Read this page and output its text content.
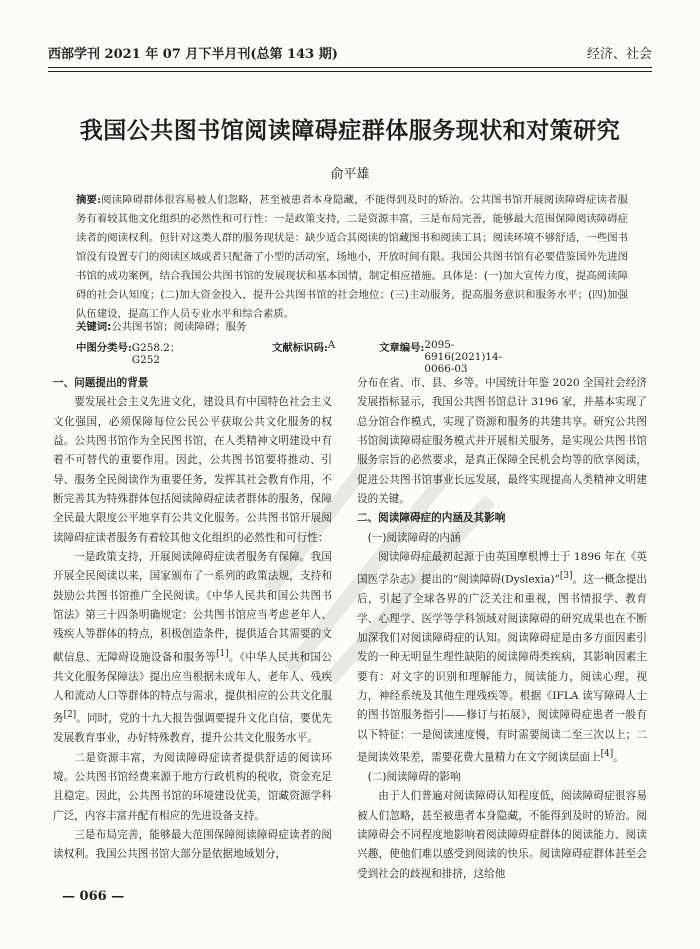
西部学刊 2021 年 07 月下半月刊(总第 143 期)	经济、社会
我国公共图书馆阅读障碍症群体服务现状和对策研究
俞平雄
摘要:阅读障碍群体很容易被人们忽略，甚至被患者本身隐藏，不能得到及时的矫治。公共图书馆开展阅读障碍症读者服务有着较其他文化组织的必然性和可行性：一是政策支持，二是资源丰富，三是布局完善，能够最大范围保障阅读障碍症读者的阅读权利。但针对这类人群的服务现状是：缺少适合其阅读的馆藏图书和阅读工具；阅读环境不够舒适，一些图书馆没有设置专门的阅读区域或者只配备了小型的活动室，场地小，开放时间有限。我国公共图书馆有必要借鉴国外先进图书馆的成功案例，结合我国公共图书馆的发展现状和基本国情，制定相应措施。具体是：(一)加大宣传力度，提高阅读障碍的社会认知度；(二)加大资金投入，提升公共图书馆的社会地位；(三)主动服务，提高服务意识和服务水平；(四)加强队伍建设，提高工作人员专业水平和综合素质。
关键词:公共图书馆；阅读障碍；服务
中图分类号: G258.2；G252
文献标识码: A	文章编号: 2095-6916(2021)14-0066-03
一、问题提出的背景

要发展社会主义先进文化，建设具有中国特色社会主义文化强国，必须保障每位公民公平获取公共文化服务的权益。公共图书馆作为全民图书馆，在人类精神文明建设中有着不可替代的重要作用。因此，公共图书馆要将推动、引导、服务全民阅读作为重要任务，发挥其社会教育作用，不断完善其为特殊群体包括阅读障碍症读者群体的服务，保障全民最大限度公平地享有公共文化服务。公共图书馆开展阅读障碍症读者服务有着较其他文化组织的必然性和可行性：

一是政策支持，开展阅读障碍症读者服务有保障。我国开展全民阅读以来，国家颁布了一系列的政策法规，支持和鼓励公共图书馆推广全民阅读。《中华人民共和国公共图书馆法》第三十四条明确规定：公共图书馆应当考虑老年人、残疾人等群体的特点，积极创造条件，提供适合其需要的文献信息、无障碍设施设备和服务等[1]。《中华人民共和国公共文化服务保障法》提出应当根据未成年人、老年人、残疾人和流动人口等群体的特点与需求，提供相应的公共文化服务[2]。同时，党的十九大报告强调要提升文化自信，要优先发展教育事业，办好特殊教育，提升公共文化服务水平。

二是资源丰富，为阅读障碍症读者提供舒适的阅读环境。公共图书馆经费来源于地方行政机构的税收，资金充足且稳定。因此，公共图书馆的环境建设优美，馆藏资源学科广泛，内容丰富并配有相应的先进设备支持。

三是布局完善，能够最大范围保障阅读障碍症读者的阅读权利。我国公共图书馆大部分是依据地域划分，

分布在省、市、县、乡等。中国统计年鉴 2020 全国社会经济发展指标显示，我国公共图书馆总计 3196 家，并基本实现了总分馆合作模式，实现了资源和服务的共建共享。研究公共图书馆阅读障碍症服务模式并开展相关服务，是实现公共图书馆服务宗旨的必然要求，是真正保障全民机会均等的欣享阅读，促进公共图书馆事业长远发展，最终实现提高人类精神文明建设的关键。

二、阅读障碍症的内涵及其影响
(一)阅读障碍的内涵

阅读障碍症最初起源于由英国摩根博士于 1896 年在《英国医学杂志》提出的“阅读障碍(Dyslexia)”[3]。这一概念提出后，引起了全球各界的广泛关注和重视，图书情报学、教育学、心理学、医学等学科领域对阅读障碍的研究成果也在不断加深我们对阅读障碍症的认知。阅读障碍症是由多方面因素引发的一种无明显生理性缺陷的阅读障碍类疾病，其影响因素主要有：对文字的识别和理解能力，阅读能力，阅读心理，视力，神经系统及其他生理残疾等。根据《IFLA 读写障碍人士的图书馆服务指引——修订与拓展》，阅读障碍症患者一般有以下特征：一是阅读速度慢，有时需要阅读二至三次以上；二是阅读效果差，需要花费大量精力在文字阅读层面上[4]。

(二)阅读障碍的影响

由于人们普遍对阅读障碍认知程度低，阅读障碍症很容易被人们忽略，甚至被患者本身隐藏，不能得到及时的矫治。阅读障碍会不同程度地影响着阅读障碍症群体的阅读能力、阅读兴趣，使他们难以感受到阅读的快乐。阅读障碍症群体甚至会受到社会的歧视和排挤，这给他

— 066 —
